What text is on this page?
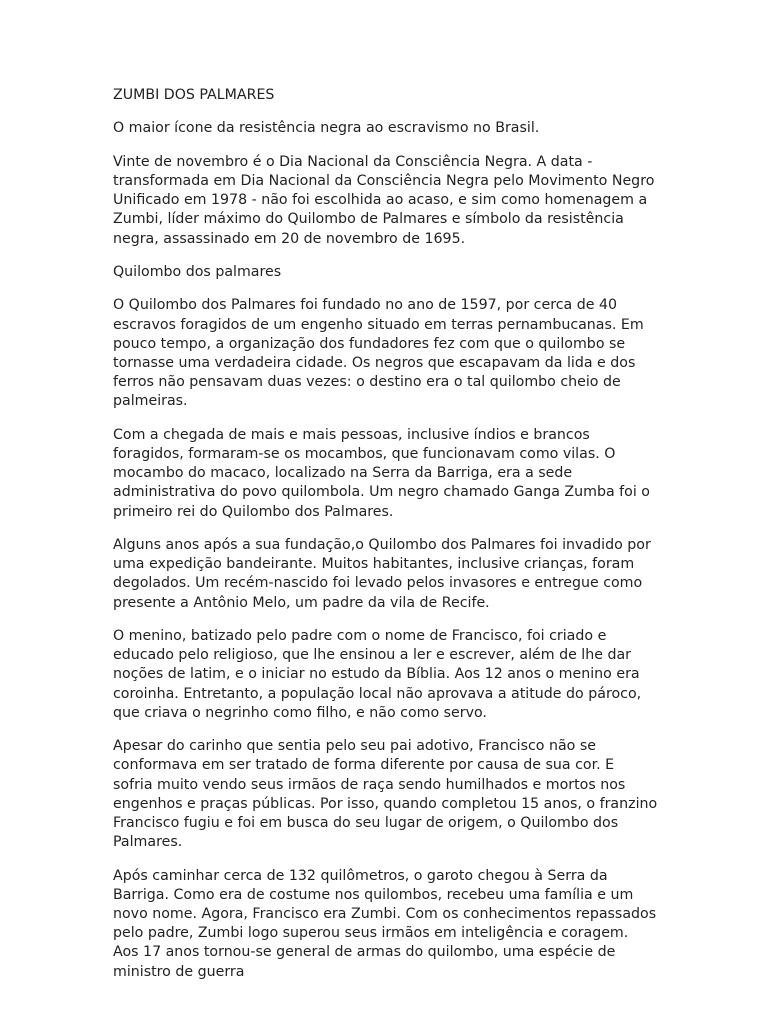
ZUMBI DOS PALMARES

O maior ícone da resistência negra ao escravismo no Brasil.

Vinte de novembro é o Dia Nacional da Consciência Negra. A data - transformada em Dia Nacional da Consciência Negra pelo Movimento Negro Unificado em 1978 - não foi escolhida ao acaso, e sim como homenagem a Zumbi, líder máximo do Quilombo de Palmares e símbolo da resistência negra, assassinado em 20 de novembro de 1695.

Quilombo dos palmares

O Quilombo dos Palmares foi fundado no ano de 1597, por cerca de 40 escravos foragidos de um engenho situado em terras pernambucanas. Em pouco tempo, a organização dos fundadores fez com que o quilombo se tornasse uma verdadeira cidade. Os negros que escapavam da lida e dos ferros não pensavam duas vezes: o destino era o tal quilombo cheio de palmeiras.

Com a chegada de mais e mais pessoas, inclusive índios e brancos foragidos, formaram-se os mocambos, que funcionavam como vilas. O mocambo do macaco, localizado na Serra da Barriga, era a sede administrativa do povo quilombola. Um negro chamado Ganga Zumba foi o primeiro rei do Quilombo dos Palmares.

Alguns anos após a sua fundação,o Quilombo dos Palmares foi invadido por uma expedição bandeirante. Muitos habitantes, inclusive crianças, foram degolados. Um recém-nascido foi levado pelos invasores e entregue como presente a Antônio Melo, um padre da vila de Recife.

O menino, batizado pelo padre com o nome de Francisco, foi criado e educado pelo religioso, que lhe ensinou a ler e escrever, além de lhe dar noções de latim, e o iniciar no estudo da Bíblia. Aos 12 anos o menino era coroinha. Entretanto, a população local não aprovava a atitude do pároco, que criava o negrinho como filho, e não como servo.

Apesar do carinho que sentia pelo seu pai adotivo, Francisco não se conformava em ser tratado de forma diferente por causa de sua cor. E sofria muito vendo seus irmãos de raça sendo humilhados e mortos nos engenhos e praças públicas. Por isso, quando completou 15 anos, o franzino Francisco fugiu e foi em busca do seu lugar de origem, o Quilombo dos Palmares.

Após caminhar cerca de 132 quilômetros, o garoto chegou à Serra da Barriga. Como era de costume nos quilombos, recebeu uma família e um novo nome. Agora, Francisco era Zumbi. Com os conhecimentos repassados pelo padre, Zumbi logo superou seus irmãos em inteligência e coragem. Aos 17 anos tornou-se general de armas do quilombo, uma espécie de ministro de guerra
